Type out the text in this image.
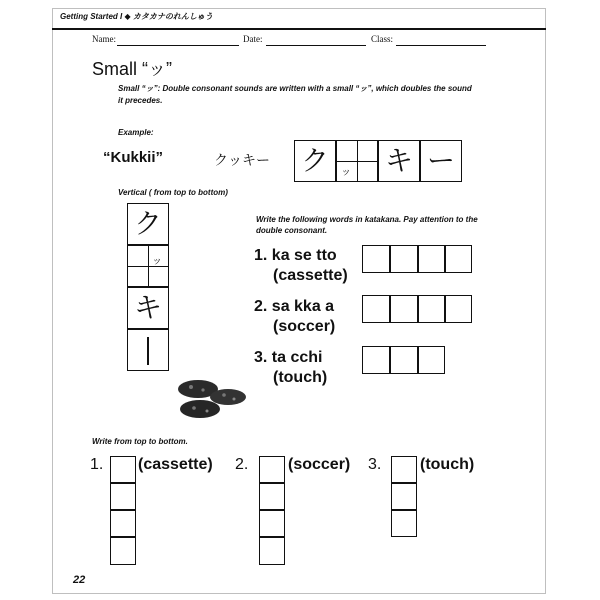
Getting Started I ◆ カタカナのれんしゅう
Name:	Date:	Class:
Small “ッ”
Small “ッ”: Double consonant sounds are written with a small “ッ”, which doubles the sound it precedes.
Example:
“Kukkii”	クッキー ク	ッ キ ー
Vertical ( from top to bottom)
ク
ッ
キ
Write the following words in katakana. Pay attention to the double consonant.
1. ka se tto
(cassette)
2. sa kka a
(soccer)
3. ta cchi
(touch)
Write from top to bottom.
1. (cassette) 2. (soccer) 3. (touch)
22
